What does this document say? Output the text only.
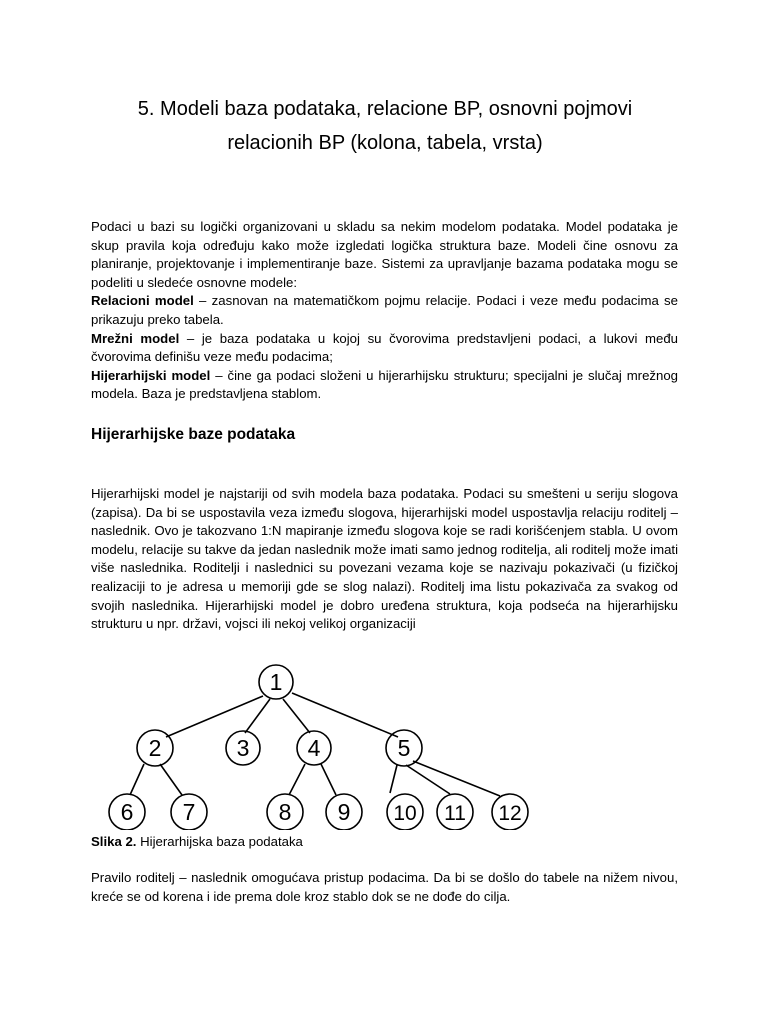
5. Modeli baza podataka, relacione BP, osnovni pojmovi
relacionih BP (kolona, tabela, vrsta)

Podaci u bazi su logički organizovani u skladu sa nekim modelom podataka. Model podataka je skup pravila koja određuju kako može izgledati logička struktura baze. Modeli čine osnovu za planiranje, projektovanje i implementiranje baze. Sistemi za upravljanje bazama podataka mogu se podeliti u sledeće osnovne modele:
Relacioni model – zasnovan na matematičkom pojmu relacije. Podaci i veze među podacima se prikazuju preko tabela.
Mrežni model – je baza podataka u kojoj su čvorovima predstavljeni podaci, a lukovi među čvorovima definišu veze među podacima;
Hijerarhijski model – čine ga podaci složeni u hijerarhijsku strukturu; specijalni je slučaj mrežnog modela. Baza je predstavljena stablom.

Hijerarhijske baze podataka

Hijerarhijski model je najstariji od svih modela baza podataka. Podaci su smešteni u seriju slogova (zapisa). Da bi se uspostavila veza između slogova, hijerarhijski model uspostavlja relaciju roditelj – naslednik. Ovo je takozvano 1:N mapiranje između slogova koje se radi korišćenjem stabla. U ovom modelu, relacije su takve da jedan naslednik može imati samo jednog roditelja, ali roditelj može imati više naslednika. Roditelji i naslednici su povezani vezama koje se nazivaju pokazivači (u fizičkoj realizaciji to je adresa u memoriji gde se slog nalazi). Roditelj ima listu pokazivača za svakog od svojih naslednika. Hijerarhijski model je dobro uređena struktura, koja podseća na hijerarhijsku strukturu u npr. državi, vojsci ili nekoj velikoj organizaciji

1
2	3	4	5
6 7	8 9 10 11 12

Slika 2. Hijerarhijska baza podataka

Pravilo roditelj – naslednik omogućava pristup podacima. Da bi se došlo do tabele na nižem nivou, kreće se od korena i ide prema dole kroz stablo dok se ne dođe do cilja.
